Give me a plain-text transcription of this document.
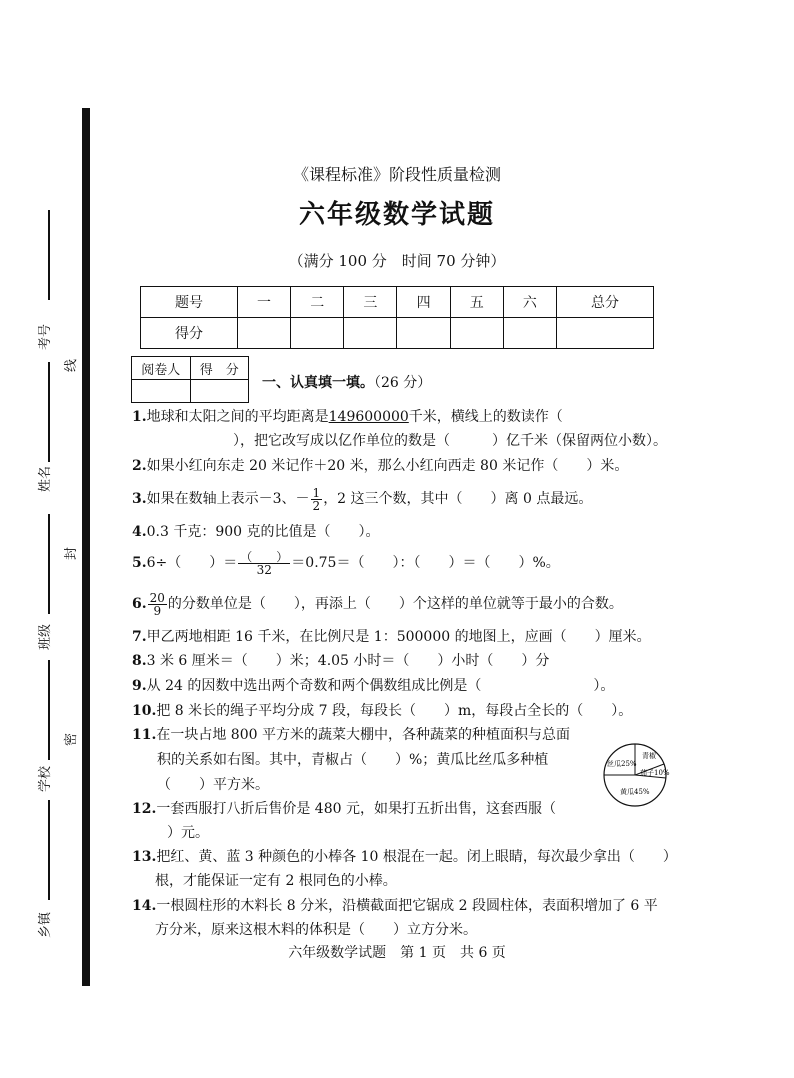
考号
姓名
班级
学校
乡镇
线
封
密
《课程标准》阶段性质量检测
六年级数学试题
（满分 100 分　时间 70 分钟）
题号	一	二	三	四	五	六	总分
得分							
阅卷人	得　分

一、认真填一填。（26 分）
1.地球和太阳之间的平均距离是149600000千米，横线上的数读作（
），把它改写成以亿作单位的数是（　　　）亿千米（保留两位小数）。
2.如果小红向东走 20 米记作＋20 米，那么小红向西走 80 米记作（　　）米。
3.如果在数轴上表示－3、－ $\frac{1}{2}$ ，2 这三个数，其中（　　）离 0 点最远。
4.0.3 千克：900 克的比值是（　　）。
5.6÷（　　）＝ $\frac{( )}{32} =0.75=$（　　）：（　　）＝（　　）%。
6. $\frac{20}{9}$ 的分数单位是（　　），再添上（　　）个这样的单位就等于最小的合数。
7.甲乙两地相距 16 千米，在比例尺是 1：500000 的地图上，应画（　　）厘米。
8.3 米 6 厘米＝（　　）米；4.05 小时＝（　　）小时（　　）分
9.从 24 的因数中选出两个奇数和两个偶数组成比例是（　　　　　　　　）。
10.把 8 米长的绳子平均分成 7 段，每段长（　　）m，每段占全长的（　　）。
11.在一块占地 800 平方米的蔬菜大棚中，各种蔬菜的种植面积与总面
积的关系如右图。其中，青椒占（　　）%；黄瓜比丝瓜多种植
（　　）平方米。
丝瓜25%
青椒
茄子10%
黄瓜45%
12.一套西服打八折后售价是 480 元，如果打五折出售，这套西服（
）元。
13.把红、黄、蓝 3 种颜色的小棒各 10 根混在一起。闭上眼睛，每次最少拿出（　　）
根，才能保证一定有 2 根同色的小棒。
14.一根圆柱形的木料长 8 分米，沿横截面把它锯成 2 段圆柱体，表面积增加了 6 平
方分米，原来这根木料的体积是（　　）立方分米。
六年级数学试题　第 1 页　共 6 页
